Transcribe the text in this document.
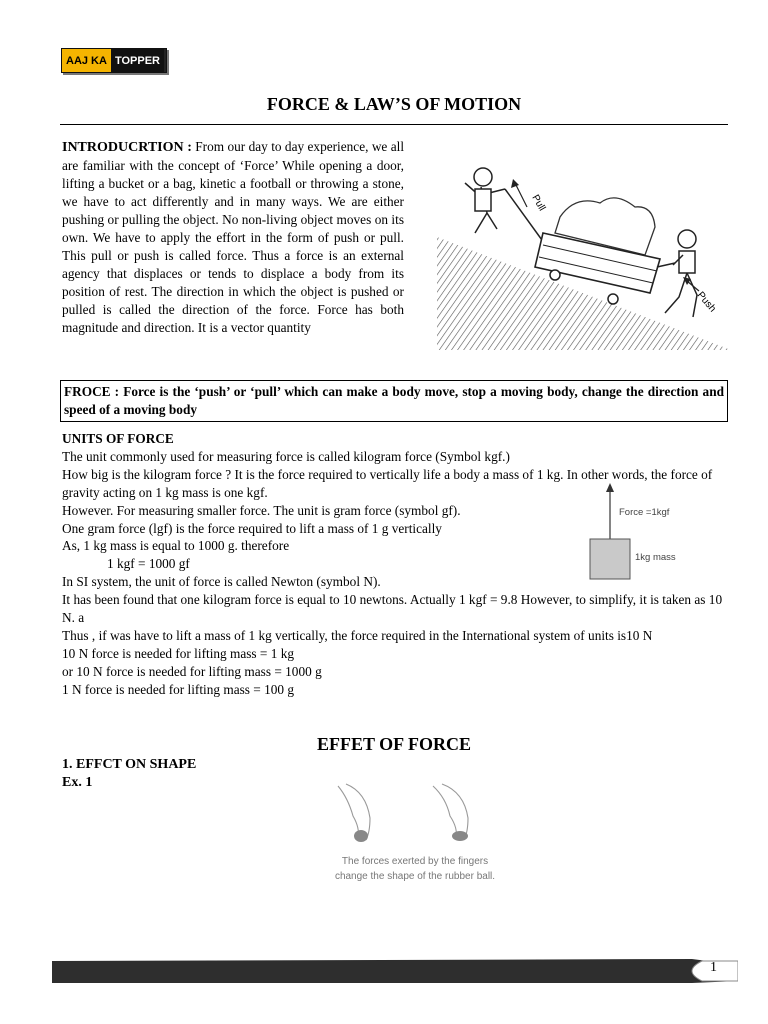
AAJ KA TOPPER
FORCE & LAW’S OF MOTION
INTRODUCRTION : From our day to day experience, we all are familiar with the concept of ‘Force’ While opening a door, lifting a bucket or a bag, kinetic a football or throwing a stone, we have to act differently and in many ways. We are either pushing or pulling the object. No non-living object moves on its own. We have to apply the effort in the form of push or pull. This pull or push is called force. Thus a force is an external agency that displaces or tends to displace a body from its position of rest. The direction in which the object is pushed or pulled is called the direction of the force. Force has both magnitude and direction. It is a vector quantity
Pull
Push
FROCE : Force is the ‘push’ or ‘pull’ which can make a body move, stop a moving body, change the direction and speed of a moving body

UNITS OF FORCE

The unit commonly used for measuring force is called kilogram force (Symbol kgf.)

How big is the kilogram force ? It is the force required to vertically life a body a mass of 1 kg. In other words, the force of gravity acting on 1 kg mass is one kgf.

However. For measuring smaller force. The unit is gram force (symbol gf).

One gram force (lgf) is the force required to lift a mass of 1 g vertically

As, 1 kg mass is equal to 1000 g. therefore

1 kgf = 1000 gf

In SI system, the unit of force is called Newton (symbol N).

It has been found that one kilogram force is equal to 10 newtons. Actually 1 kgf = 9.8 However, to simplify, it is taken as 10 N. a

Thus , if was have to lift a mass of 1 kg vertically, the force required in the International system of units is10 N

10 N force is needed for lifting mass = 1 kg

or 10 N force is needed for lifting mass = 1000 g

1 N force is needed for lifting mass = 100 g

Force =1kgf
1kg mass
EFFET OF FORCE
1. EFFCT ON SHAPE
Ex. 1
The forces exerted by the fingers
change the shape of the rubber ball.
1
